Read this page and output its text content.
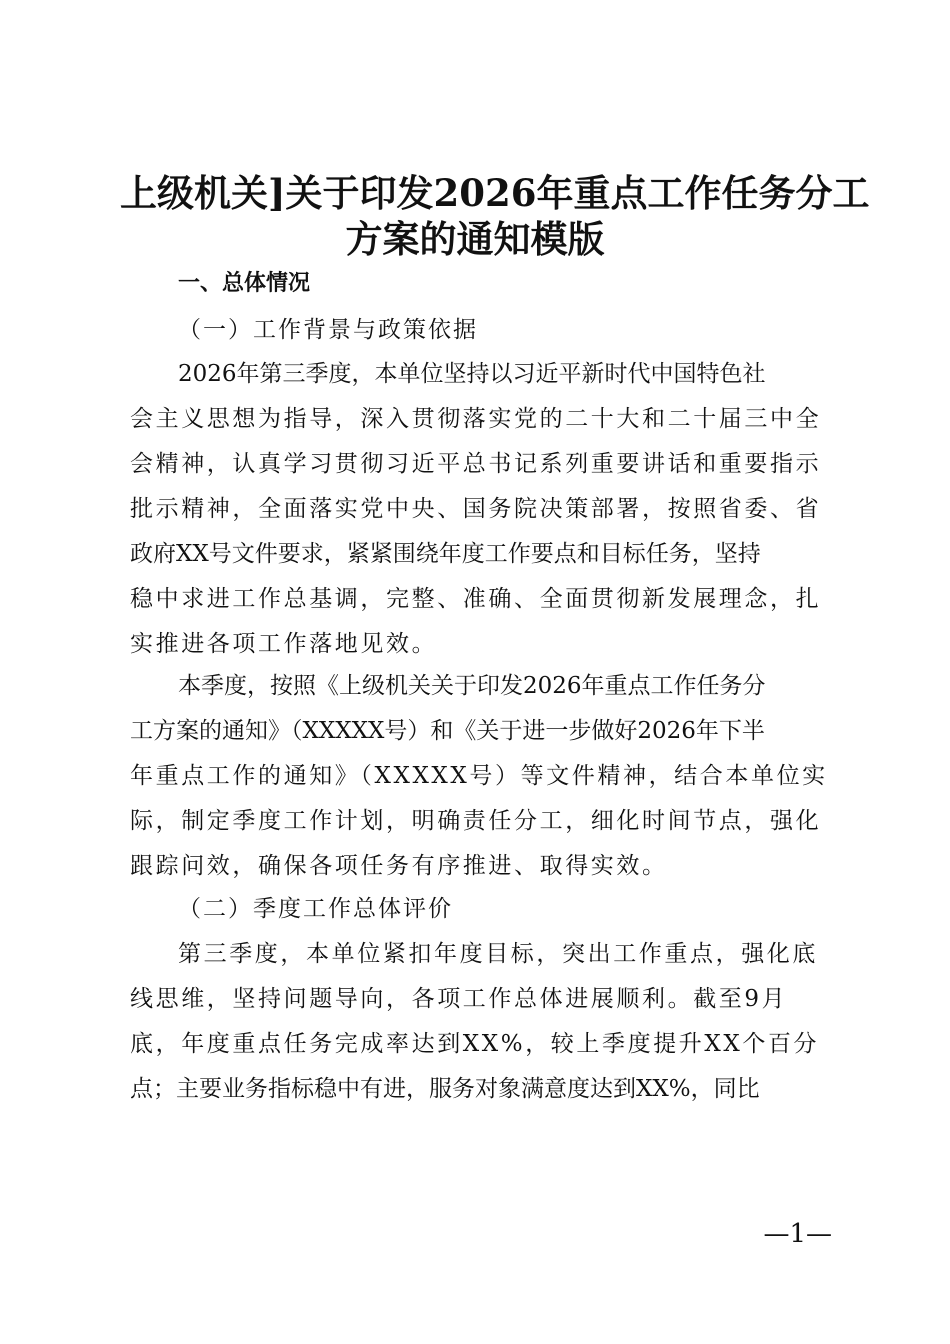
上级机关]关于印发2026年重点工作任务分工
方案的通知模版
一、总体情况
（一）工作背景与政策依据
2026年第三季度，本单位坚持以习近平新时代中国特色社
会主义思想为指导，深入贯彻落实党的二十大和二十届三中全
会精神，认真学习贯彻习近平总书记系列重要讲话和重要指示
批示精神，全面落实党中央、国务院决策部署，按照省委、省
政府XX号文件要求，紧紧围绕年度工作要点和目标任务，坚持
稳中求进工作总基调，完整、准确、全面贯彻新发展理念，扎
实推进各项工作落地见效。
本季度，按照《上级机关关于印发2026年重点工作任务分
工方案的通知》（XXXXX号）和《关于进一步做好2026年下半
年重点工作的通知》（XXXXX号）等文件精神，结合本单位实
际，制定季度工作计划，明确责任分工，细化时间节点，强化
跟踪问效，确保各项任务有序推进、取得实效。
（二）季度工作总体评价
第三季度，本单位紧扣年度目标，突出工作重点，强化底
线思维，坚持问题导向，各项工作总体进展顺利。截至9月
底，年度重点任务完成率达到XX%，较上季度提升XX个百分
点；主要业务指标稳中有进，服务对象满意度达到XX%，同比
—1—
